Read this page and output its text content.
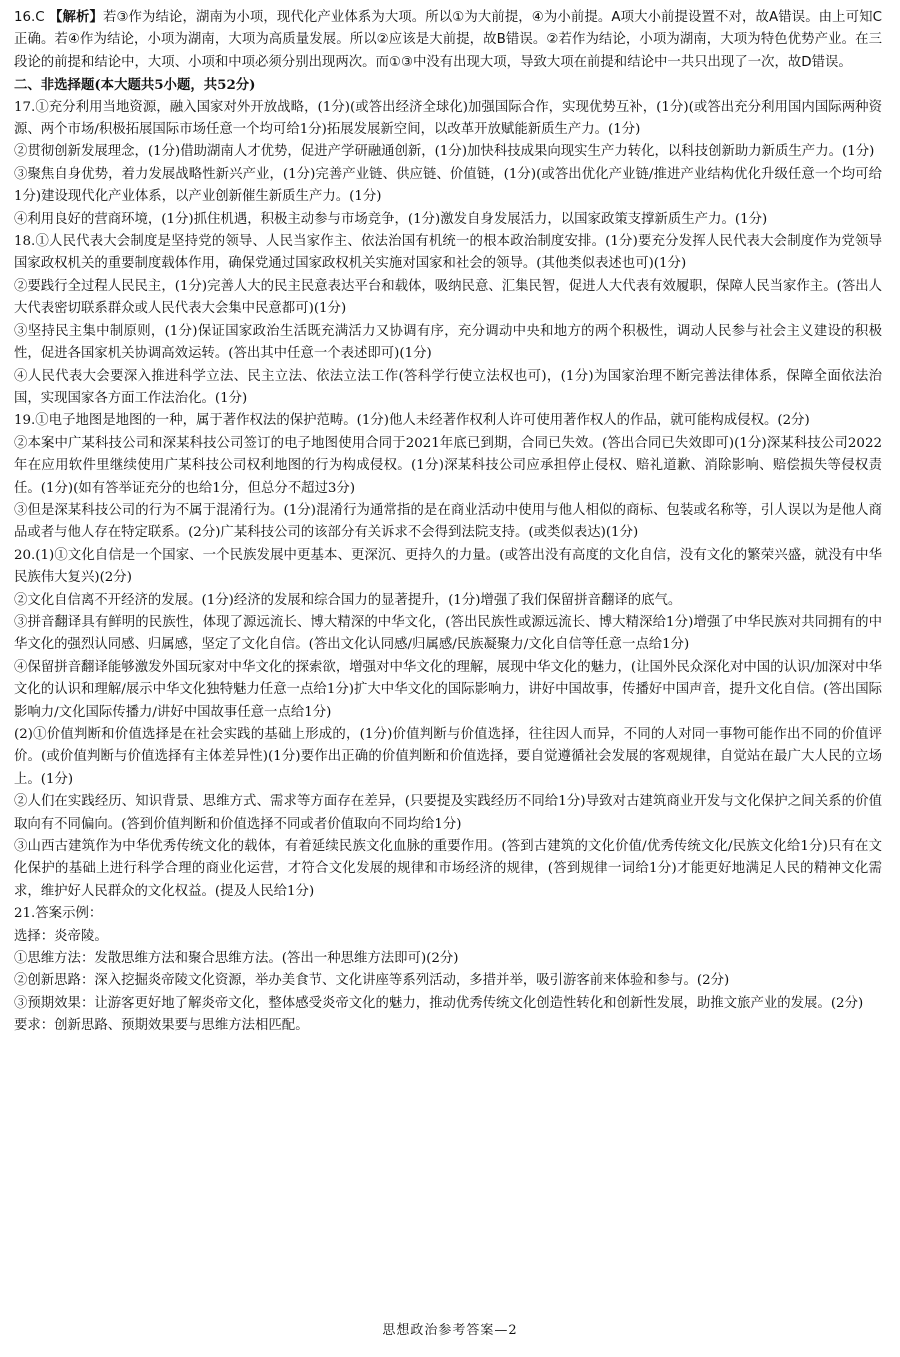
16.C 【解析】若③作为结论，湖南为小项，现代化产业体系为大项。所以①为大前提，④为小前提。A项大小前提设置不对，故A错误。由上可知C正确。若④作为结论，小项为湖南，大项为高质量发展。所以②应该是大前提，故B错误。②若作为结论，小项为湖南，大项为特色优势产业。在三段论的前提和结论中，大项、小项和中项必须分别出现两次。而①③中没有出现大项，导致大项在前提和结论中一共只出现了一次，故D错误。

二、非选择题(本大题共5小题，共52分)

17.①充分利用当地资源，融入国家对外开放战略，(1分)(或答出经济全球化)加强国际合作，实现优势互补，(1分)(或答出充分利用国内国际两种资源、两个市场/积极拓展国际市场任意一个均可给1分)拓展发展新空间，以改革开放赋能新质生产力。(1分)

②贯彻创新发展理念，(1分)借助湖南人才优势，促进产学研融通创新，(1分)加快科技成果向现实生产力转化，以科技创新助力新质生产力。(1分)

③聚焦自身优势，着力发展战略性新兴产业，(1分)完善产业链、供应链、价值链，(1分)(或答出优化产业链/推进产业结构优化升级任意一个均可给1分)建设现代化产业体系，以产业创新催生新质生产力。(1分)

④利用良好的营商环境，(1分)抓住机遇，积极主动参与市场竞争，(1分)激发自身发展活力，以国家政策支撑新质生产力。(1分)

18.①人民代表大会制度是坚持党的领导、人民当家作主、依法治国有机统一的根本政治制度安排。(1分)要充分发挥人民代表大会制度作为党领导国家政权机关的重要制度载体作用，确保党通过国家政权机关实施对国家和社会的领导。(其他类似表述也可)(1分)

②要践行全过程人民民主，(1分)完善人大的民主民意表达平台和载体，吸纳民意、汇集民智，促进人大代表有效履职，保障人民当家作主。(答出人大代表密切联系群众或人民代表大会集中民意都可)(1分)

③坚持民主集中制原则，(1分)保证国家政治生活既充满活力又协调有序，充分调动中央和地方的两个积极性，调动人民参与社会主义建设的积极性，促进各国家机关协调高效运转。(答出其中任意一个表述即可)(1分)

④人民代表大会要深入推进科学立法、民主立法、依法立法工作(答科学行使立法权也可)，(1分)为国家治理不断完善法律体系，保障全面依法治国，实现国家各方面工作法治化。(1分)

19.①电子地图是地图的一种，属于著作权法的保护范畴。(1分)他人未经著作权利人许可使用著作权人的作品，就可能构成侵权。(2分)

②本案中广某科技公司和深某科技公司签订的电子地图使用合同于2021年底已到期，合同已失效。(答出合同已失效即可)(1分)深某科技公司2022年在应用软件里继续使用广某科技公司权利地图的行为构成侵权。(1分)深某科技公司应承担停止侵权、赔礼道歉、消除影响、赔偿损失等侵权责任。(1分)(如有答举证充分的也给1分，但总分不超过3分)

③但是深某科技公司的行为不属于混淆行为。(1分)混淆行为通常指的是在商业活动中使用与他人相似的商标、包装或名称等，引人误以为是他人商品或者与他人存在特定联系。(2分)广某科技公司的该部分有关诉求不会得到法院支持。(或类似表达)(1分)

20.(1)①文化自信是一个国家、一个民族发展中更基本、更深沉、更持久的力量。(或答出没有高度的文化自信，没有文化的繁荣兴盛，就没有中华民族伟大复兴)(2分)

②文化自信离不开经济的发展。(1分)经济的发展和综合国力的显著提升，(1分)增强了我们保留拼音翻译的底气。

③拼音翻译具有鲜明的民族性，体现了源远流长、博大精深的中华文化，(答出民族性或源远流长、博大精深给1分)增强了中华民族对共同拥有的中华文化的强烈认同感、归属感，坚定了文化自信。(答出文化认同感/归属感/民族凝聚力/文化自信等任意一点给1分)

④保留拼音翻译能够激发外国玩家对中华文化的探索欲，增强对中华文化的理解，展现中华文化的魅力，(让国外民众深化对中国的认识/加深对中华文化的认识和理解/展示中华文化独特魅力任意一点给1分)扩大中华文化的国际影响力，讲好中国故事，传播好中国声音，提升文化自信。(答出国际影响力/文化国际传播力/讲好中国故事任意一点给1分)

(2)①价值判断和价值选择是在社会实践的基础上形成的，(1分)价值判断与价值选择，往往因人而异，不同的人对同一事物可能作出不同的价值评价。(或价值判断与价值选择有主体差异性)(1分)要作出正确的价值判断和价值选择，要自觉遵循社会发展的客观规律，自觉站在最广大人民的立场上。(1分)

②人们在实践经历、知识背景、思维方式、需求等方面存在差异，(只要提及实践经历不同给1分)导致对古建筑商业开发与文化保护之间关系的价值取向有不同偏向。(答到价值判断和价值选择不同或者价值取向不同均给1分)

③山西古建筑作为中华优秀传统文化的载体，有着延续民族文化血脉的重要作用。(答到古建筑的文化价值/优秀传统文化/民族文化给1分)只有在文化保护的基础上进行科学合理的商业化运营，才符合文化发展的规律和市场经济的规律，(答到规律一词给1分)才能更好地满足人民的精神文化需求，维护好人民群众的文化权益。(提及人民给1分)

21.答案示例：

选择：炎帝陵。

①思维方法：发散思维方法和聚合思维方法。(答出一种思维方法即可)(2分)

②创新思路：深入挖掘炎帝陵文化资源，举办美食节、文化讲座等系列活动，多措并举，吸引游客前来体验和参与。(2分)

③预期效果：让游客更好地了解炎帝文化，整体感受炎帝文化的魅力，推动优秀传统文化创造性转化和创新性发展，助推文旅产业的发展。(2分)

要求：创新思路、预期效果要与思维方法相匹配。

思想政治参考答案—2
